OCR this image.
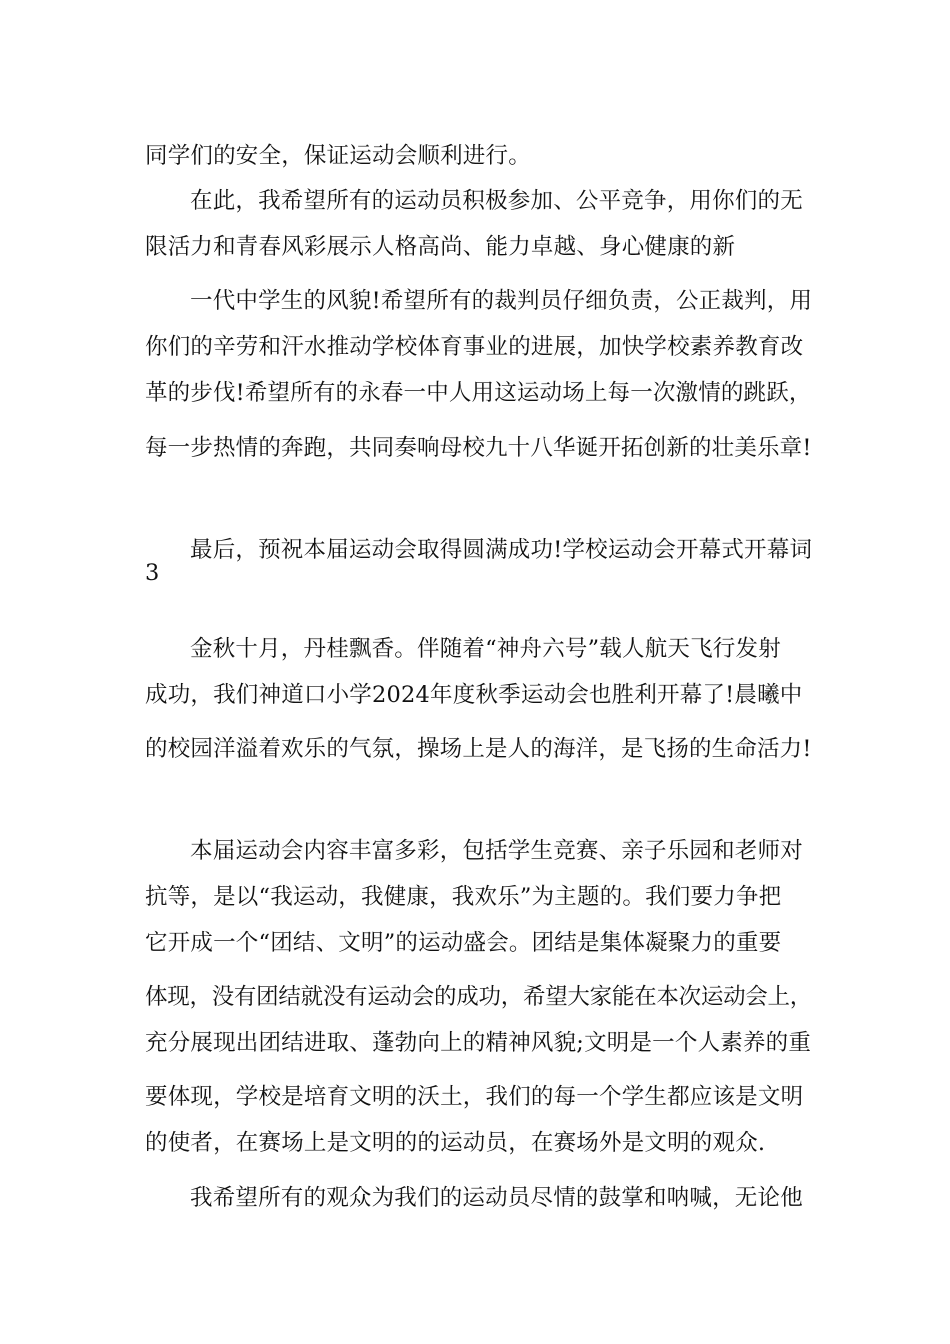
同学们的安全，保证运动会顺利进行。
在此，我希望所有的运动员积极参加、公平竞争，用你们的无
限活力和青春风彩展示人格高尚、能力卓越、身心健康的新
一代中学生的风貌!希望所有的裁判员仔细负责，公正裁判，用
你们的辛劳和汗水推动学校体育事业的进展，加快学校素养教育改
革的步伐!希望所有的永春一中人用这运动场上每一次激情的跳跃，
每一步热情的奔跑，共同奏响母校九十八华诞开拓创新的壮美乐章!
最后，预祝本届运动会取得圆满成功!学校运动会开幕式开幕词
3
金秋十月，丹桂飘香。伴随着“神舟六号”载人航天飞行发射
成功，我们神道口小学2024年度秋季运动会也胜利开幕了!晨曦中
的校园洋溢着欢乐的气氛，操场上是人的海洋，是飞扬的生命活力!
本届运动会内容丰富多彩，包括学生竞赛、亲子乐园和老师对
抗等，是以“我运动，我健康，我欢乐”为主题的。我们要力争把
它开成一个“团结、文明”的运动盛会。团结是集体凝聚力的重要
体现，没有团结就没有运动会的成功，希望大家能在本次运动会上，
充分展现出团结进取、蓬勃向上的精神风貌;文明是一个人素养的重
要体现，学校是培育文明的沃土，我们的每一个学生都应该是文明
的使者，在赛场上是文明的的运动员，在赛场外是文明的观众.
我希望所有的观众为我们的运动员尽情的鼓掌和呐喊，无论他
